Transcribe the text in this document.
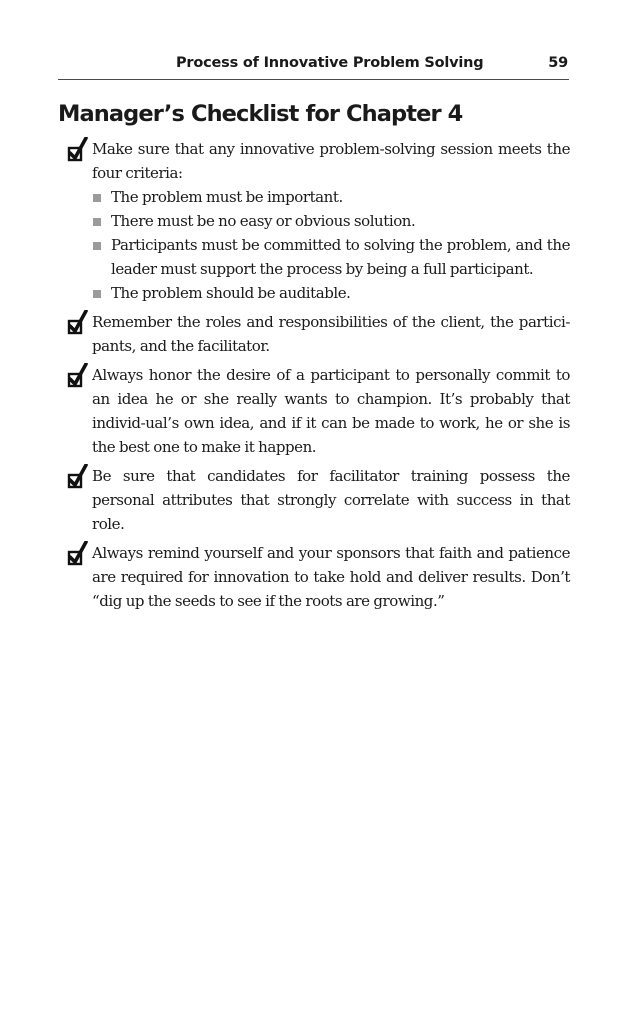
Process of Innovative Problem Solving	59
Manager’s Checklist for Chapter 4
Make sure that any innovative problem-solving session meets the four criteria:
The problem must be important.
There must be no easy or obvious solution.
Participants must be committed to solving the problem, and the leader must support the process by being a full participant.
The problem should be auditable.
Remember the roles and responsibilities of the client, the partici-pants, and the facilitator.
Always honor the desire of a participant to personally commit to an idea he or she really wants to champion. It’s probably that individ-ual’s own idea, and if it can be made to work, he or she is the best one to make it happen.
Be sure that candidates for facilitator training possess the personal attributes that strongly correlate with success in that role.
Always remind yourself and your sponsors that faith and patience are required for innovation to take hold and deliver results. Don’t “dig up the seeds to see if the roots are growing.”
